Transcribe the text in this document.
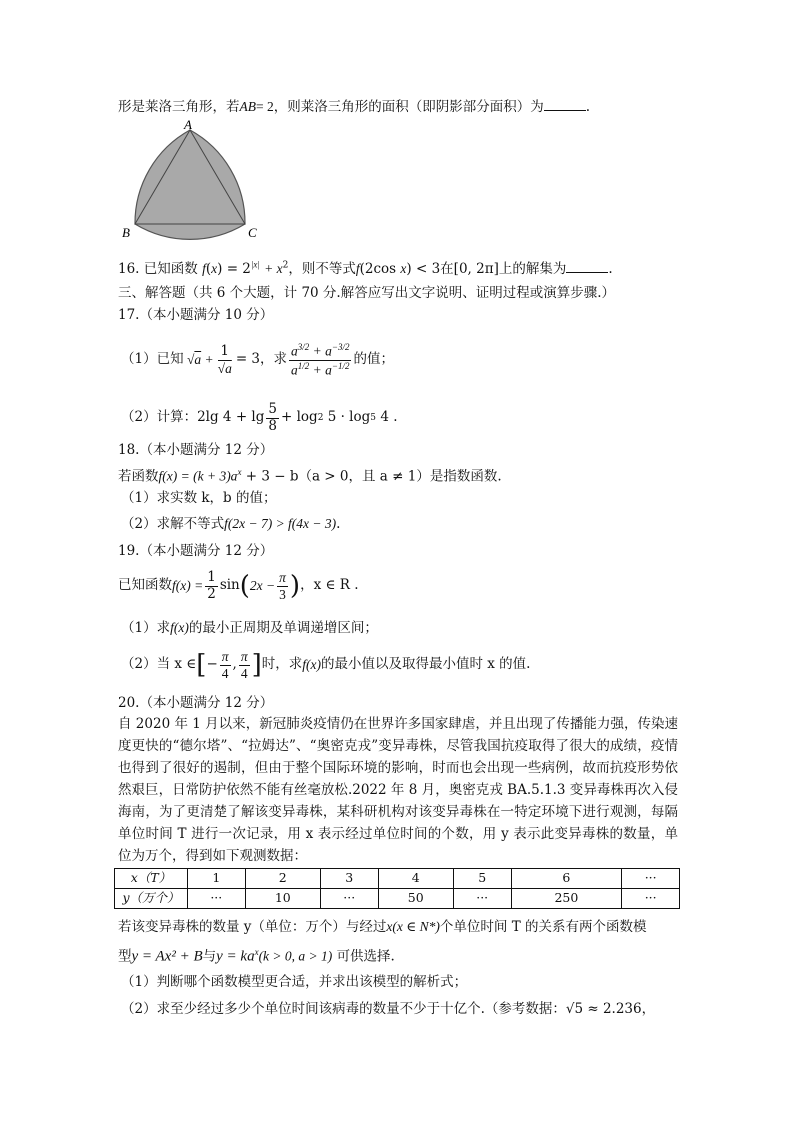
形是莱洛三角形，若AB= 2，则莱洛三角形的面积（即阴影部分面积）为	.
A
B	C
16. 已知函数 $f(x) = 2^{|x|} + x^2$，则不等式f(2cos x) < 3在[0, 2π]上的解集为	.
三、解答题（共 6 个大题，计 70 分.解答应写出文字说明、证明过程或演算步骤.）
17.（本小题满分 10 分）
（1）已知 $√a + \frac{1}{√a} = 3$，求 $\frac{a^{3/2} + a^{-3/2}}{a^{1/2} + a^{-1/2}}$ 的值；
（2）计算： 2lg $4 + \lg \frac{5}{8} + \log 2$
5 · log 5
4 .
18.（本小题满分 12 分）
若函数$f(x) = (k + 3)a^x + 3 - b(a > 0$，且 a ≠ 1）是指数函数.
（1）求实数 k，b 的值；
（2）求解不等式f(2x − 7) > f(4x − 3).
19.（本小题满分 12 分）
已知函数 $f(x) = \frac{1}{2}$ sin ( $2x - \frac{\pi}{3}$ ) ，x ∈ R .
（1）求f(x)的最小正周期及单调递增区间；
（2）当 x ∈ [ − $\frac{\pi}{4}$ , $\frac{\pi}{4}$ ] 时，求 f(x) 的最小值以及取得最小值时 x 的值.
20.（本小题满分 12 分）
自 2020 年 1 月以来，新冠肺炎疫情仍在世界许多国家肆虐，并且出现了传播能力强，传染速度更快的“德尔塔”、“拉姆达”、“奥密克戎”变异毒株，尽管我国抗疫取得了很大的成绩，疫情也得到了很好的遏制，但由于整个国际环境的影响，时而也会出现一些病例，故而抗疫形势依然艰巨，日常防护依然不能有丝毫放松.2022 年 8 月，奥密克戎 BA.5.1.3 变异毒株再次入侵海南，为了更清楚了解该变异毒株，某科研机构对该变异毒株在一特定环境下进行观测，每隔单位时间 T 进行一次记录，用 x 表示经过单位时间的个数，用 y 表示此变异毒株的数量，单位为万个，得到如下观测数据：
x（T）	1	2	3	4	5	6	···
y（万个）	···	10	···	50	···	250	···
若该变异毒株的数量 y（单位：万个）与经过x(x ∈ N*)个单位时间 T 的关系有两个函数模
型y = Ax² + B与$y = ka^x(k > 0$, a > 1) 可供选择.
（1）判断哪个函数模型更合适，并求出该模型的解析式；
（2）求至少经过多少个单位时间该病毒的数量不少于十亿个.（参考数据：√5 ≈ 2.236，
